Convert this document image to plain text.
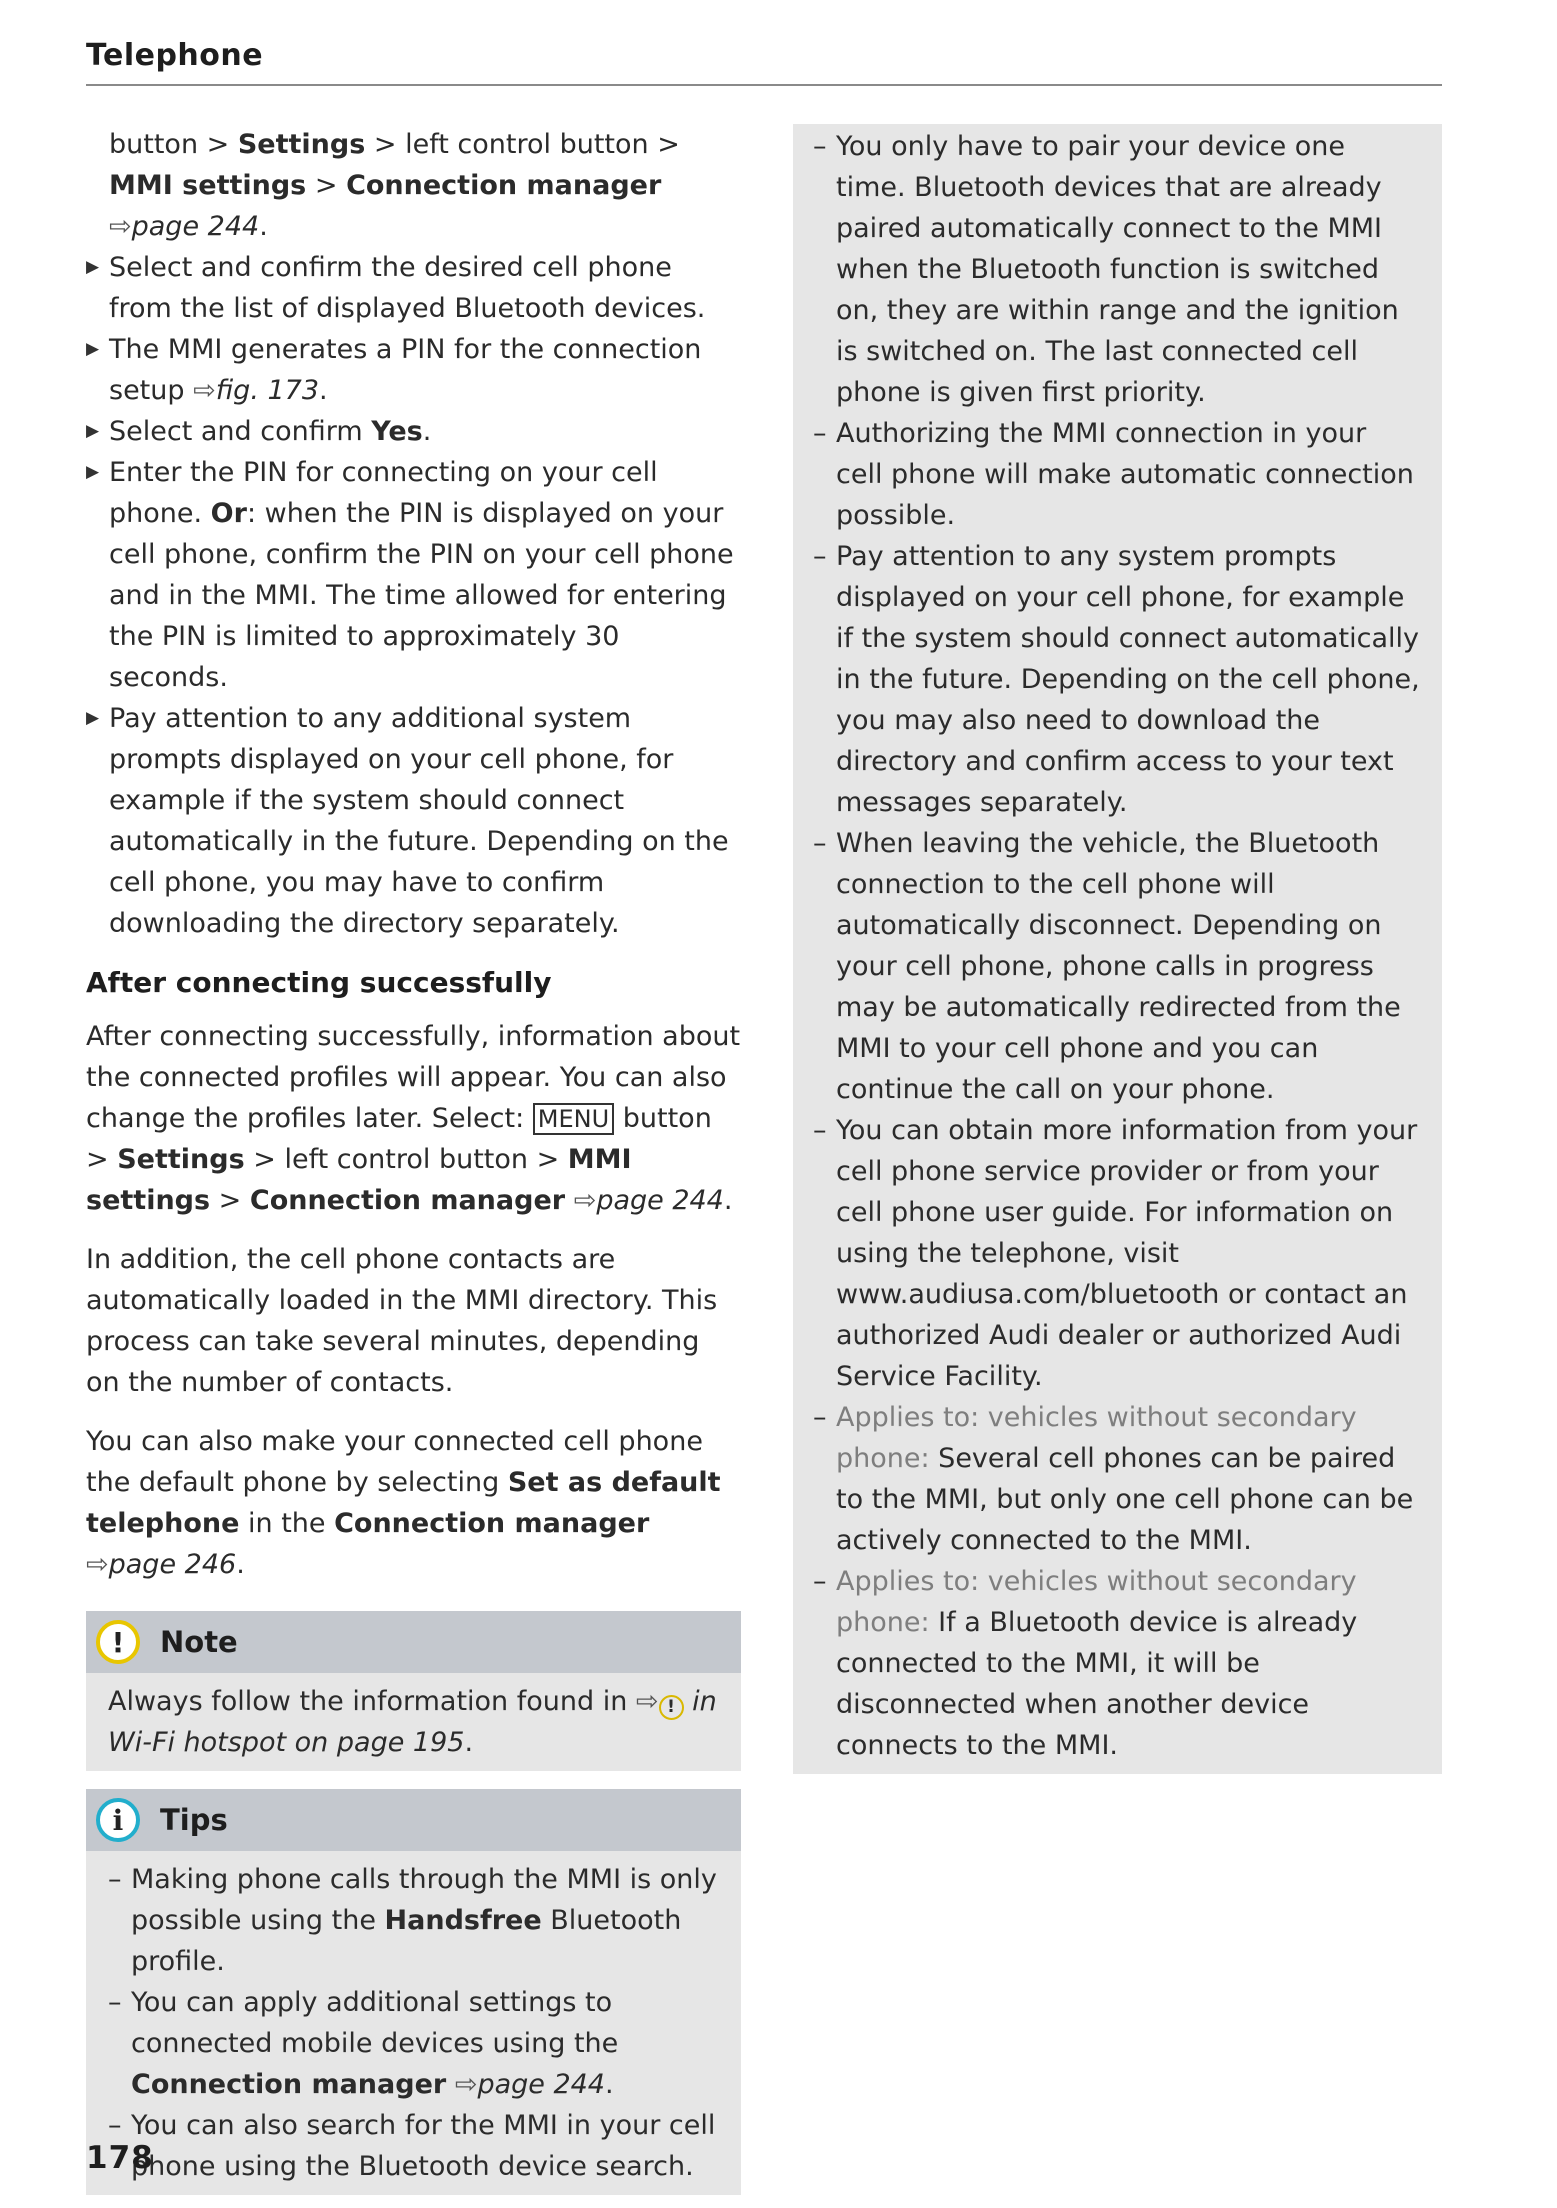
Telephone

button > Settings > left control button > MMI settings > Connection manager ⇨page 244.

▶ Select and confirm the desired cell phone from the list of displayed Bluetooth devices.

▶ The MMI generates a PIN for the connection setup ⇨fig. 173.

▶ Select and confirm Yes.

▶ Enter the PIN for connecting on your cell phone. Or: when the PIN is displayed on your cell phone, confirm the PIN on your cell phone and in the MMI. The time allowed for entering the PIN is limited to approximately 30 seconds.

▶ Pay attention to any additional system prompts displayed on your cell phone, for example if the system should connect automatically in the future. Depending on the cell phone, you may have to confirm downloading the directory separately.

After connecting successfully

After connecting successfully, information about the connected profiles will appear. You can also change the profiles later. Select: MENU button > Settings > left control button > MMI settings > Connection manager ⇨page 244.

In addition, the cell phone contacts are automatically loaded in the MMI directory. This process can take several minutes, depending on the number of contacts.

You can also make your connected cell phone the default phone by selecting Set as default telephone in the Connection manager ⇨page 246.

!	Note
Always follow the information found in ⇨ ! in Wi-Fi hotspot on page 195.
i	Tips

– Making phone calls through the MMI is only possible using the Handsfree Bluetooth profile.

– You can apply additional settings to connected mobile devices using the Connection manager ⇨page 244.

– You can also search for the MMI in your cell phone using the Bluetooth device search.

– You only have to pair your device one time. Bluetooth devices that are already paired automatically connect to the MMI when the Bluetooth function is switched on, they are within range and the ignition is switched on. The last connected cell phone is given first priority.

– Authorizing the MMI connection in your cell phone will make automatic connection possible.

– Pay attention to any system prompts displayed on your cell phone, for example if the system should connect automatically in the future. Depending on the cell phone, you may also need to download the directory and confirm access to your text messages separately.

– When leaving the vehicle, the Bluetooth connection to the cell phone will automatically disconnect. Depending on your cell phone, phone calls in progress may be automatically redirected from the MMI to your cell phone and you can continue the call on your phone.

– You can obtain more information from your cell phone service provider or from your cell phone user guide. For information on using the telephone, visit www.audiusa.com/bluetooth or contact an authorized Audi dealer or authorized Audi Service Facility.

– Applies to: vehicles without secondary phone: Several cell phones can be paired to the MMI, but only one cell phone can be actively connected to the MMI.

– Applies to: vehicles without secondary phone: If a Bluetooth device is already connected to the MMI, it will be disconnected when another device connects to the MMI.

178
